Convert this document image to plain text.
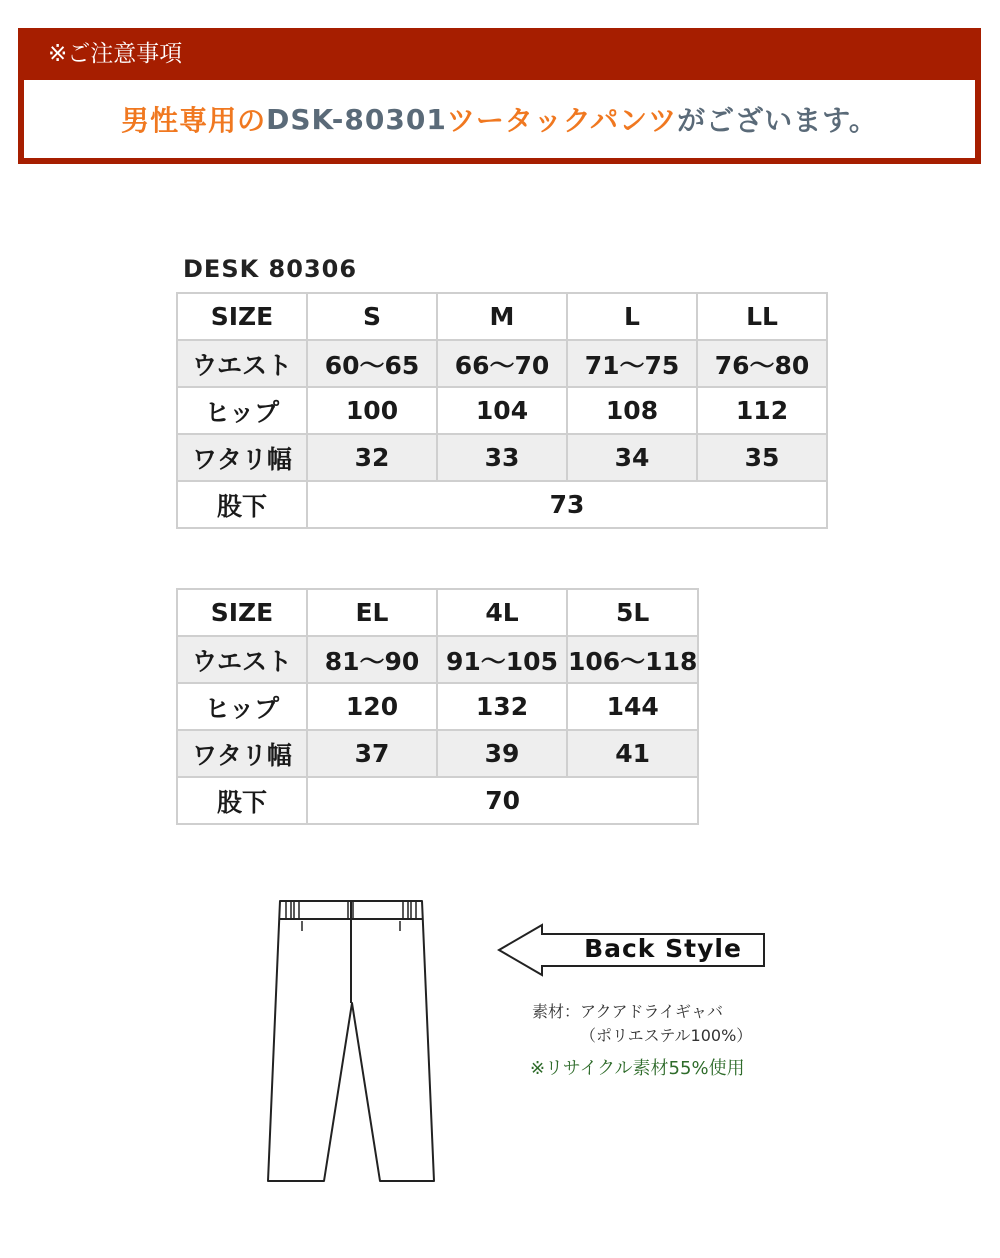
※ご注意事項
男性専用の DSK-80301 ツータックパンツ がございます。
DESK 80306
SIZE	S	M	L	LL
ウエスト	60～65	66～70	71～75	76～80
ヒップ	100	104	108	112
ワタリ幅	32	33	34	35
股下	73			
SIZE	EL	4L	5L
ウエスト	81～90	91～105	106～118
ヒップ	120	132	144
ワタリ幅	37	39	41
股下	70		
Back Style
素材：アクアドライギャバ
（ポリエステル100%）
※リサイクル素材55%使用
